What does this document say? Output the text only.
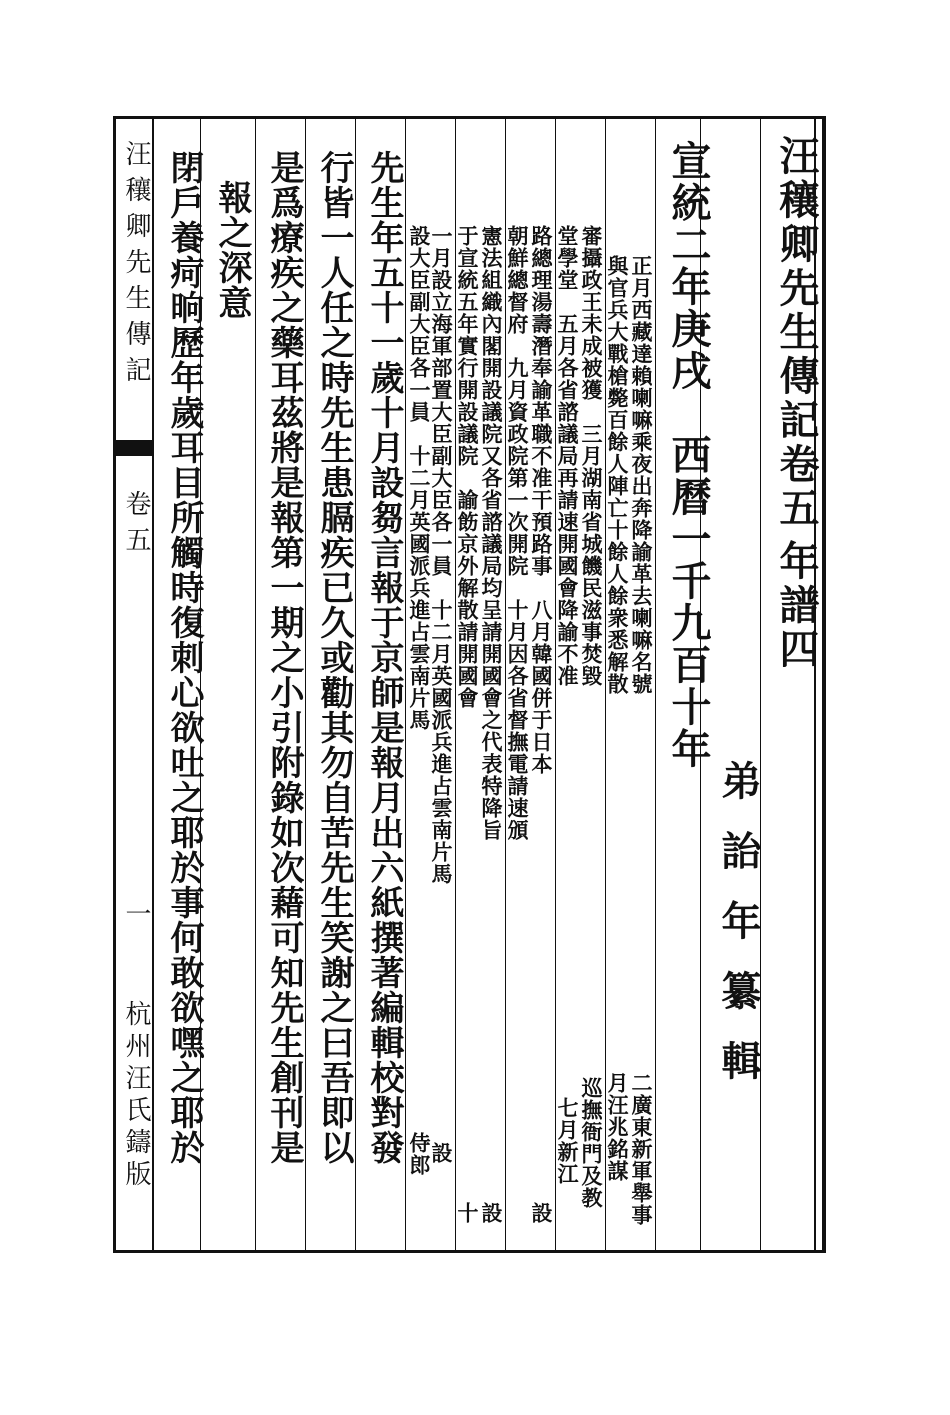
汪穰卿先生傳記
卷五
一
杭州汪氏鑄版
汪穰卿先生傳記卷五
年譜四
弟詒年纂輯
宣統二年庚戌　西曆一千九百十年
正月西藏達賴喇嘛乘夜出奔降諭革去喇嘛名號
　二廣東新軍舉事
與官兵大戰槍斃百餘人陣亡十餘人餘衆悉解散
　月汪兆銘謀
審攝政王未成被獲　三月湖南省城饑民滋事焚毀
　巡撫衙門及教
堂學堂　五月各省諮議局再請速開國會降諭不准
　七月新江
路總理湯壽潛奉諭革職不准干預路事　八月韓國併于日本
　設
朝鮮總督府　九月資政院第一次開院　十月因各省督撫電請速頒
憲法組織內閣開設議院又各省諮議局均呈請開國會之代表特降旨
　設
于宣統五年實行開設議院　諭飭京外解散請開國會
　十
一月設立海軍部置大臣副大臣各一員　十二月英國派兵進占雲南片馬
　設
設大臣副大臣各一員　十二月英國派兵進占雲南片馬
　侍郎
先生年五十一歲十月設芻言報于京師是報月出六紙撰著編輯校對發
行皆一人任之時先生患膈疾已久或勸其勿自苦先生笑謝之曰吾即以
是爲療疾之藥耳茲將是報第一期之小引附錄如次藉可知先生創刊是
報之深意
閉戶養疴晌歷年歲耳目所觸時復刺心欲吐之耶於事何敢欲嘿之耶於
